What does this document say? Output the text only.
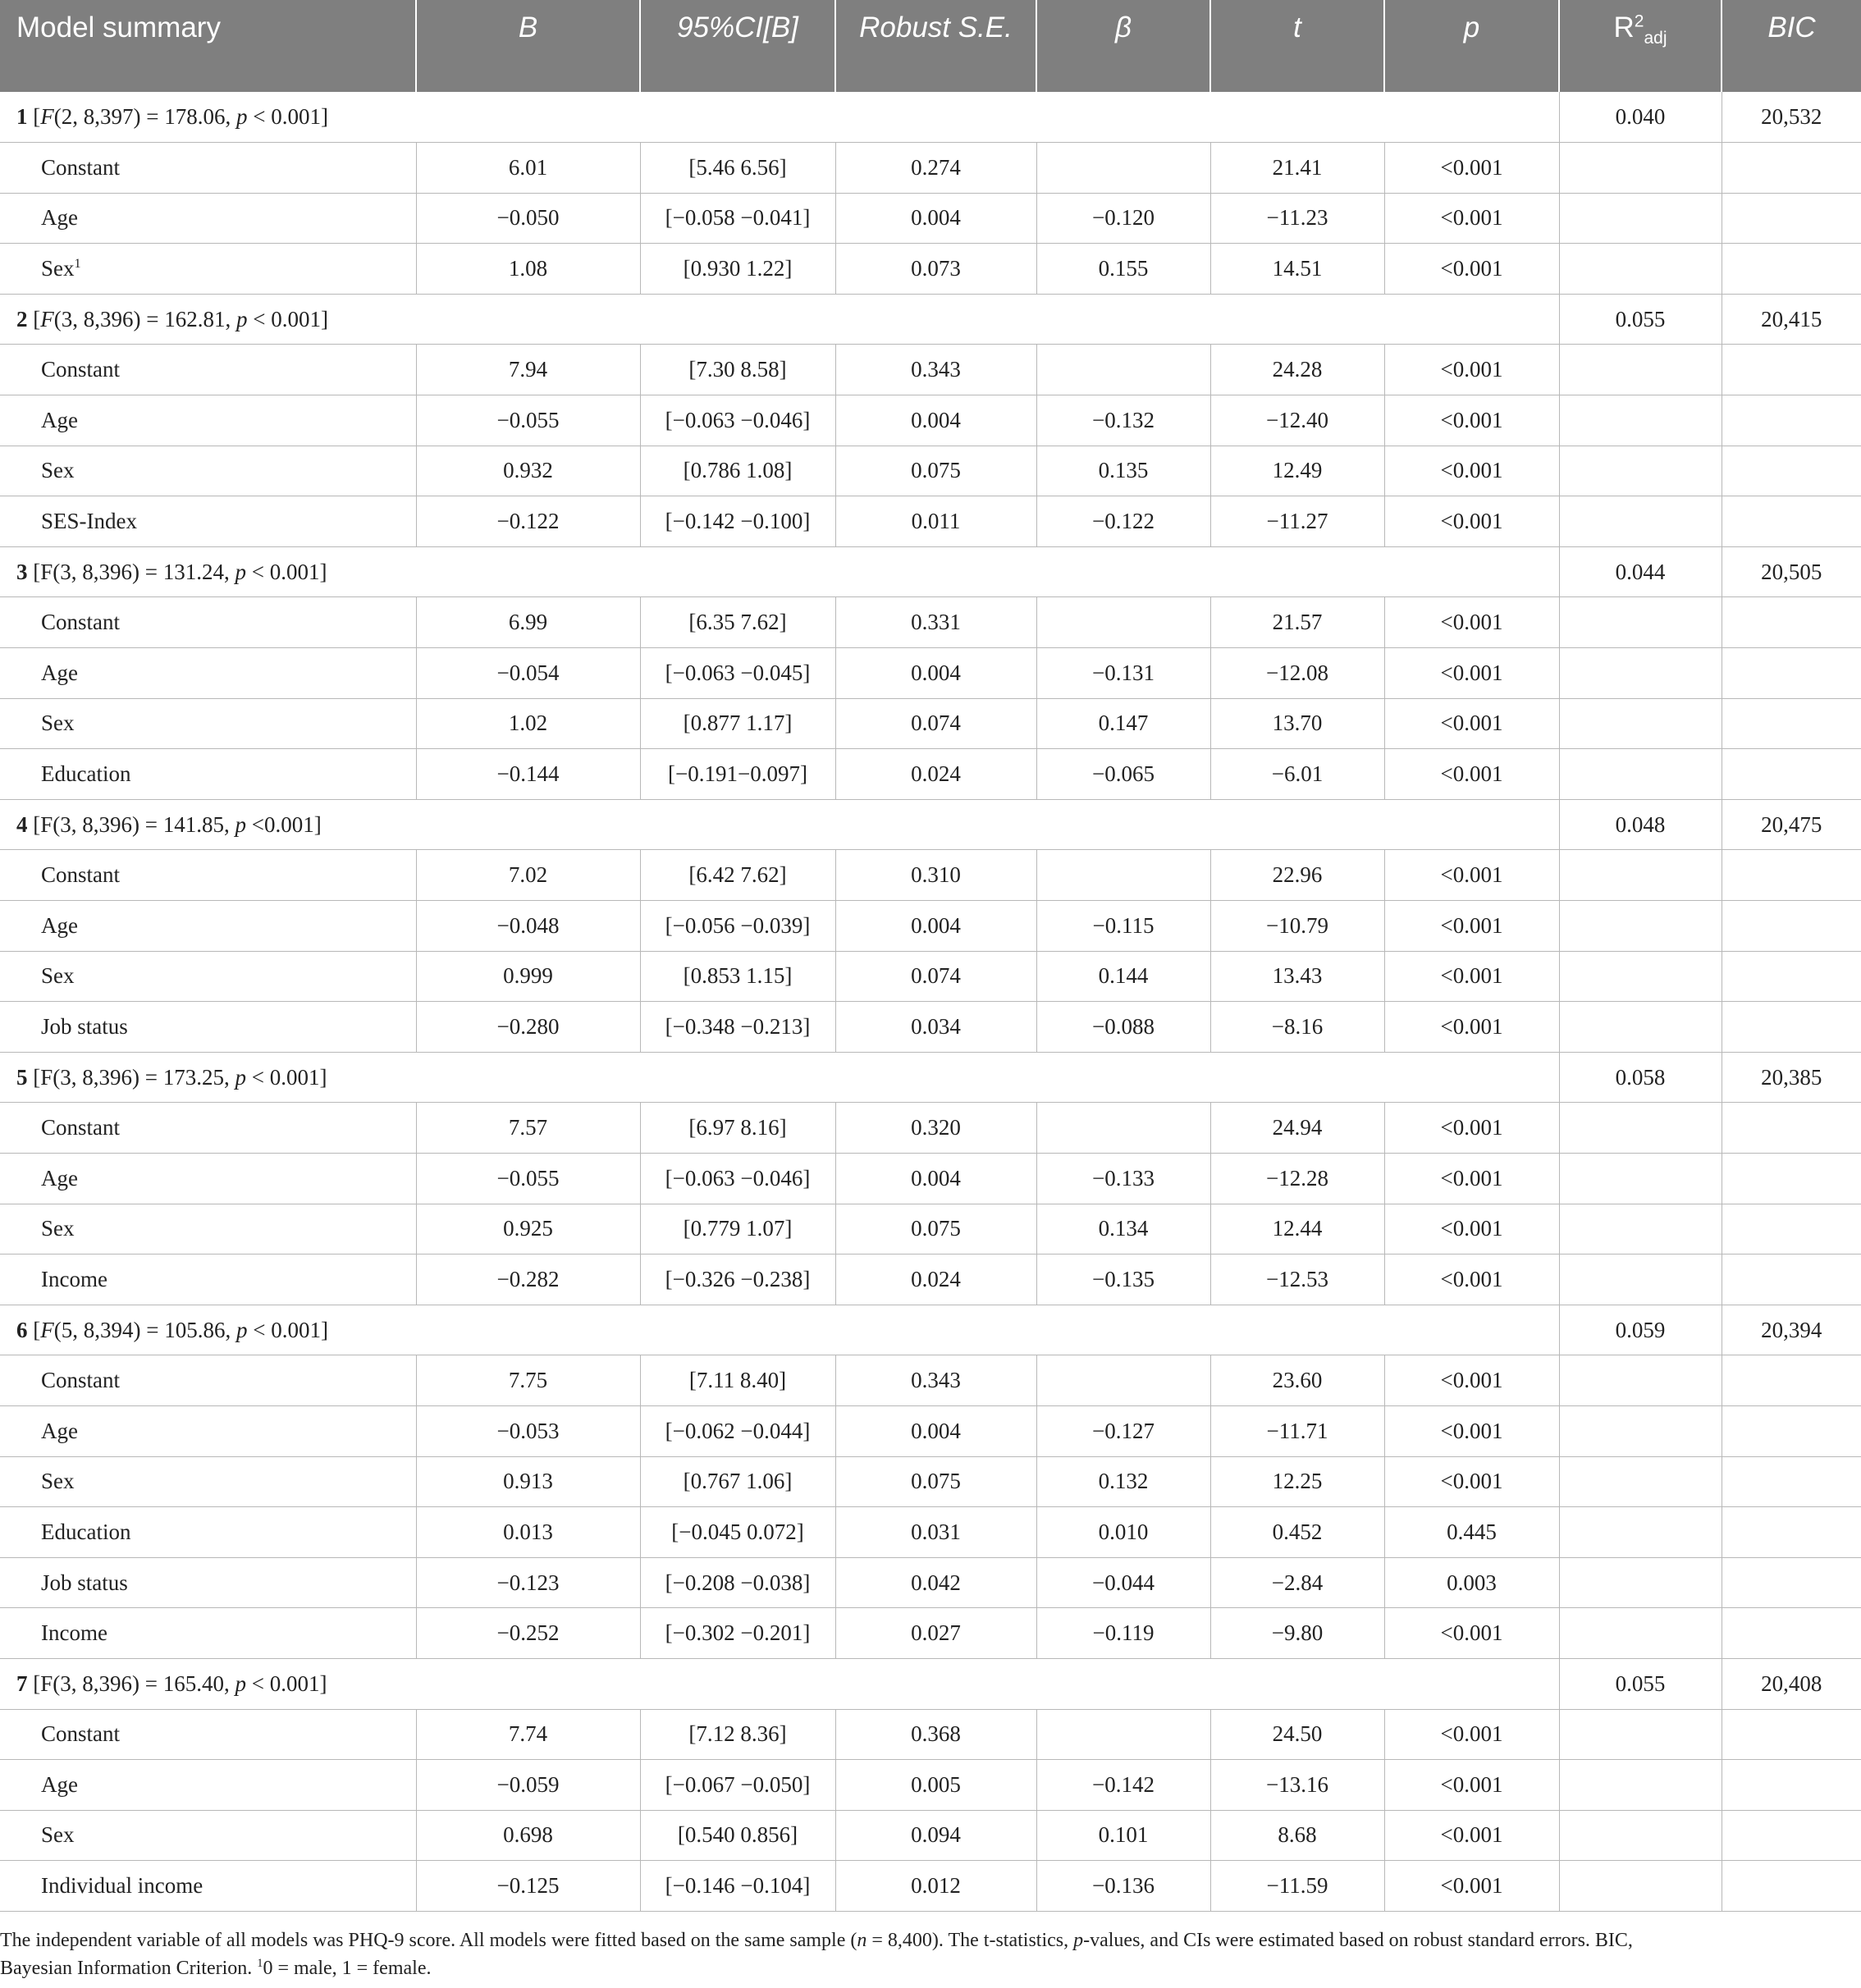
Model summary	B	95%CI[B]	Robust S.E.	β	t	p	$R^2_{adj}$	BIC
1 [F(2, 8,397) = 178.06, p < 0.001]							0.040	20,532
Constant	6.01	[5.46 6.56]	0.274		21.41	<0.001		
Age	−0.050	[−0.058 −0.041]	0.004	−0.120	−11.23	<0.001		
Sex$^1$	1.08	[0.930 1.22]	0.073	0.155	14.51	<0.001		
2 [F(3, 8,396) = 162.81, p < 0.001]							0.055	20,415
Constant	7.94	[7.30 8.58]	0.343		24.28	<0.001		
Age	−0.055	[−0.063 −0.046]	0.004	−0.132	−12.40	<0.001		
Sex	0.932	[0.786 1.08]	0.075	0.135	12.49	<0.001		
SES-Index	−0.122	[−0.142 −0.100]	0.011	−0.122	−11.27	<0.001		
3 [F(3, 8,396) = 131.24, p < 0.001]							0.044	20,505
Constant	6.99	[6.35 7.62]	0.331		21.57	<0.001		
Age	−0.054	[−0.063 −0.045]	0.004	−0.131	−12.08	<0.001		
Sex	1.02	[0.877 1.17]	0.074	0.147	13.70	<0.001		
Education	−0.144	[−0.191−0.097]	0.024	−0.065	−6.01	<0.001		
4 [F(3, 8,396) = 141.85, p <0.001]							0.048	20,475
Constant	7.02	[6.42 7.62]	0.310		22.96	<0.001		
Age	−0.048	[−0.056 −0.039]	0.004	−0.115	−10.79	<0.001		
Sex	0.999	[0.853 1.15]	0.074	0.144	13.43	<0.001		
Job status	−0.280	[−0.348 −0.213]	0.034	−0.088	−8.16	<0.001		
5 [F(3, 8,396) = 173.25, p < 0.001]							0.058	20,385
Constant	7.57	[6.97 8.16]	0.320		24.94	<0.001		
Age	−0.055	[−0.063 −0.046]	0.004	−0.133	−12.28	<0.001		
Sex	0.925	[0.779 1.07]	0.075	0.134	12.44	<0.001		
Income	−0.282	[−0.326 −0.238]	0.024	−0.135	−12.53	<0.001		
6 [F(5, 8,394) = 105.86, p < 0.001]							0.059	20,394
Constant	7.75	[7.11 8.40]	0.343		23.60	<0.001		
Age	−0.053	[−0.062 −0.044]	0.004	−0.127	−11.71	<0.001		
Sex	0.913	[0.767 1.06]	0.075	0.132	12.25	<0.001		
Education	0.013	[−0.045 0.072]	0.031	0.010	0.452	0.445		
Job status	−0.123	[−0.208 −0.038]	0.042	−0.044	−2.84	0.003		
Income	−0.252	[−0.302 −0.201]	0.027	−0.119	−9.80	<0.001		
7 [F(3, 8,396) = 165.40, p < 0.001]							0.055	20,408
Constant	7.74	[7.12 8.36]	0.368		24.50	<0.001		
Age	−0.059	[−0.067 −0.050]	0.005	−0.142	−13.16	<0.001		
Sex	0.698	[0.540 0.856]	0.094	0.101	8.68	<0.001		
Individual income	−0.125	[−0.146 −0.104]	0.012	−0.136	−11.59	<0.001		
The independent variable of all models was PHQ-9 score. All models were fitted based on the same sample (n = 8,400). The t-statistics, p-values, and CIs were estimated based on robust standard errors. BIC, Bayesian Information Criterion. $^1$0 = male, 1 = female.
